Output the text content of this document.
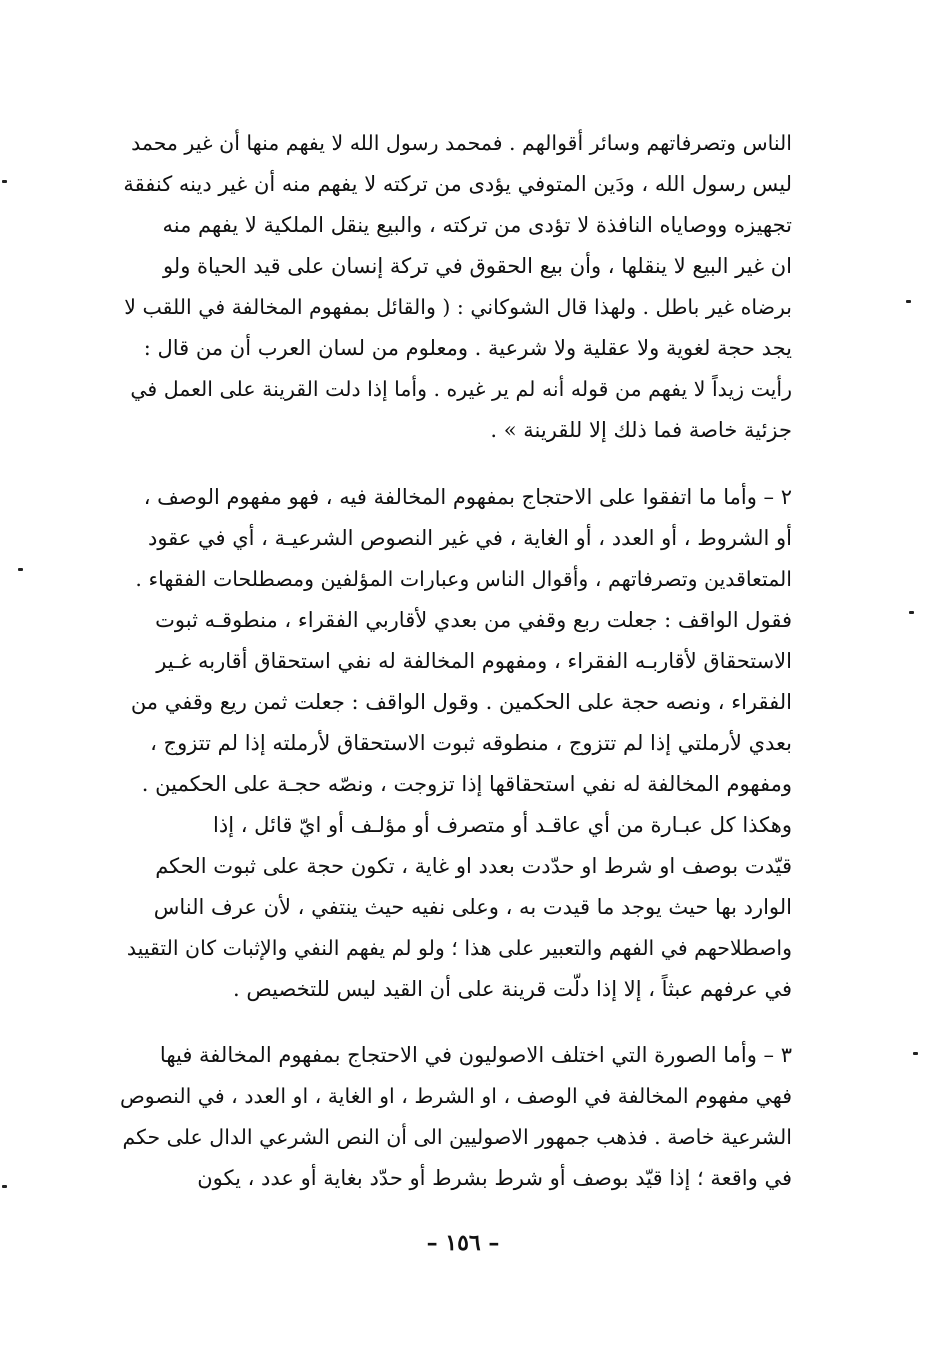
الناس وتصرفاتهم وسائر أقوالهم . فمحمد رسول الله لا يفهم منها أن غير محمد
ليس رسول الله ، ودَين المتوفي يؤدى من تركته لا يفهم منه أن غير دينه كنفقة
تجهيزه ووصاياه النافذة لا تؤدى من تركته ، والبيع ينقل الملكية لا يفهم منه
ان غير البيع لا ينقلها ، وأن بيع الحقوق في تركة إنسان على قيد الحياة ولو
برضاه غير باطل . ولهذا قال الشوكاني : ( والقائل بمفهوم المخالفة في اللقب لا
يجد حجة لغوية ولا عقلية ولا شرعية . ومعلوم من لسان العرب أن من قال :
رأيت زيداً لا يفهم من قوله أنه لم ير غيره . وأما إذا دلت القرينة على العمل في
جزئية خاصة فما ذلك إلا للقرينة » .
٢ – وأما ما اتفقوا على الاحتجاج بمفهوم المخالفة فيه ، فهو مفهوم الوصف ،
أو الشروط ، أو العدد ، أو الغاية ، في غير النصوص الشرعيـة ، أي في عقود
المتعاقدين وتصرفاتهم ، وأقوال الناس وعبارات المؤلفين ومصطلحات الفقهاء .
فقول الواقف : جعلت ربع وقفي من بعدي لأقاربي الفقراء ، منطوقـه ثبوت
الاستحقاق لأقاربـه الفقراء ، ومفهوم المخالفة له نفي استحقاق أقاربه غـير
الفقراء ، ونصه حجة على الحكمين . وقول الواقف : جعلت ثمن ريع وقفي من
بعدي لأرملتي إذا لم تتزوج ، منطوقه ثبوت الاستحقاق لأرملته إذا لم تتزوج ،
ومفهوم المخالفة له نفي استحقاقها إذا تزوجت ، ونصّه حجـة على الحكمين .
وهكذا كل عبـارة من أي عاقـد أو متصرف أو مؤلـف أو ايّ قائل ، إذا
قيّدت بوصف او شرط او حدّدت بعدد او غاية ، تكون حجة على ثبوت الحكم
الوارد بها حيث يوجد ما قيدت به ، وعلى نفيه حيث ينتفي ، لأن عرف الناس
واصطلاحهم في الفهم والتعبير على هذا ؛ ولو لم يفهم النفي والإثبات كان التقييد
في عرفهم عبثاً ، إلا إذا دلّت قرينة على أن القيد ليس للتخصيص .
٣ – وأما الصورة التي اختلف الاصوليون في الاحتجاج بمفهوم المخالفة فيها
فهي مفهوم المخالفة في الوصف ، او الشرط ، او الغاية ، او العدد ، في النصوص
الشرعية خاصة . فذهب جمهور الاصوليين الى أن النص الشرعي الدال على حكم
في واقعة ؛ إذا قيّد بوصف أو شرط بشرط أو حدّد بغاية أو عدد ، يكون
– ١٥٦ –
